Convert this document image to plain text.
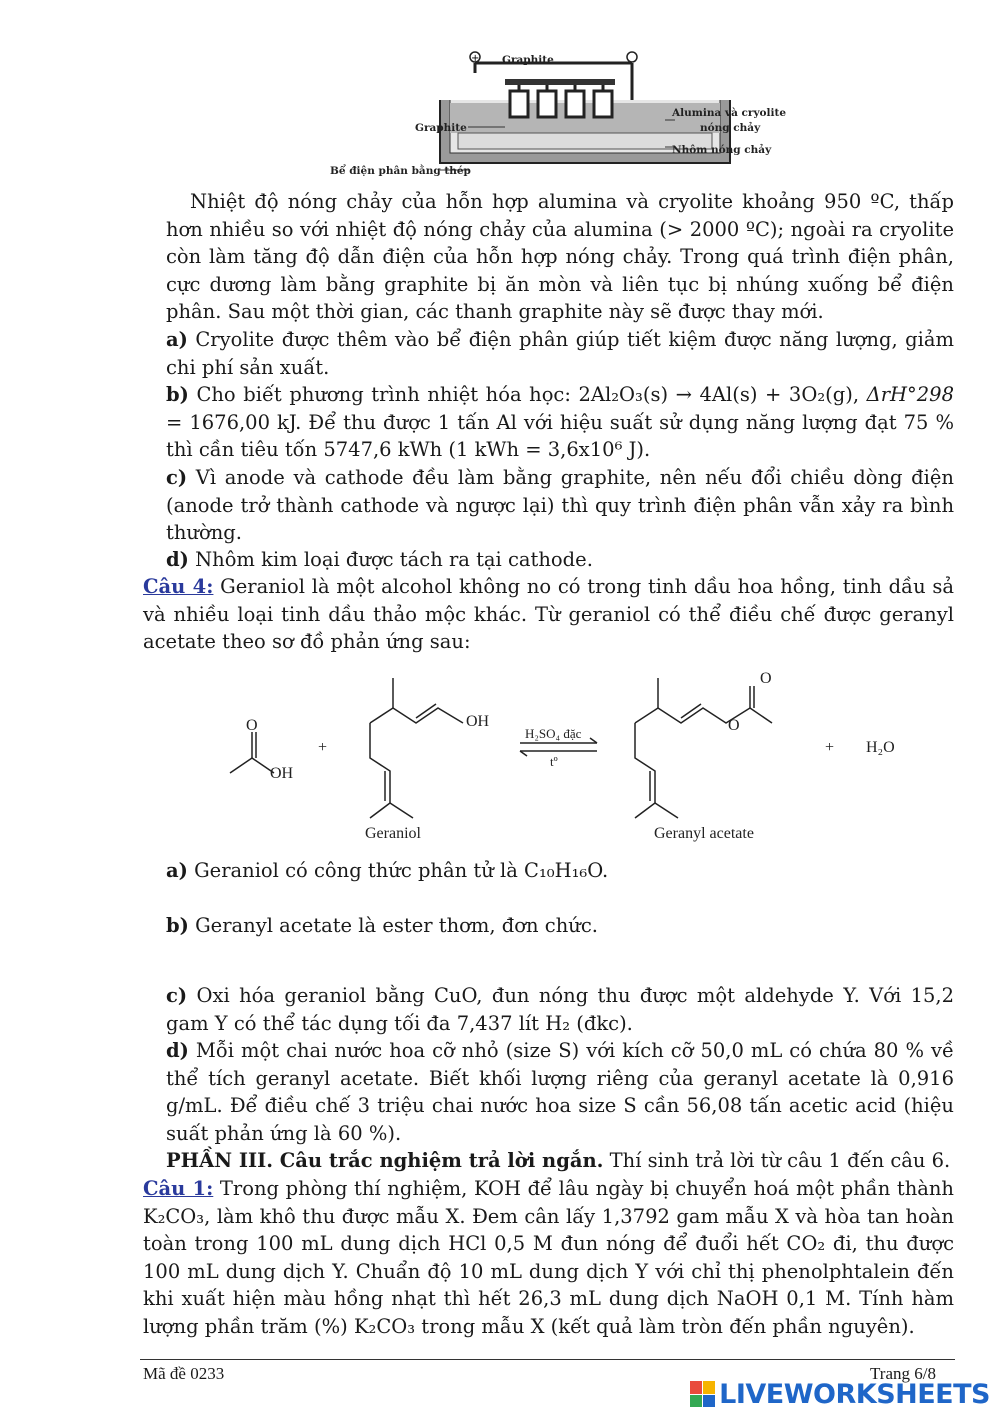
+ Graphite
Graphite
Alumina và cryolite
nóng chảy
Nhôm nóng chảy
Bể điện phân bằng thép
Nhiệt độ nóng chảy của hỗn hợp alumina và cryolite khoảng 950 ºC, thấp hơn nhiều so với nhiệt độ nóng chảy của alumina (> 2000 ºC); ngoài ra cryolite còn làm tăng độ dẫn điện của hỗn hợp nóng chảy. Trong quá trình điện phân, cực dương làm bằng graphite bị ăn mòn và liên tục bị nhúng xuống bể điện phân. Sau một thời gian, các thanh graphite này sẽ được thay mới.
a) Cryolite được thêm vào bể điện phân giúp tiết kiệm được năng lượng, giảm chi phí sản xuất.
b) Cho biết phương trình nhiệt hóa học: 2Al₂O₃(s) → 4Al(s) + 3O₂(g), ΔrH°298 = 1676,00 kJ. Để thu được 1 tấn Al với hiệu suất sử dụng năng lượng đạt 75 % thì cần tiêu tốn 5747,6 kWh (1 kWh = 3,6x10⁶ J).
c) Vì anode và cathode đều làm bằng graphite, nên nếu đổi chiều dòng điện (anode trở thành cathode và ngược lại) thì quy trình điện phân vẫn xảy ra bình thường.
d) Nhôm kim loại được tách ra tại cathode.
Câu 4: Geraniol là một alcohol không no có trong tinh dầu hoa hồng, tinh dầu sả và nhiều loại tinh dầu thảo mộc khác. Từ geraniol có thể điều chế được geranyl acetate theo sơ đồ phản ứng sau:
O
OH
+
OH
H₂SO₄ đặc
tº
O
O
+ H₂O
Geraniol	Geranyl acetate
a) Geraniol có công thức phân tử là C₁₀H₁₆O.
b) Geranyl acetate là ester thơm, đơn chức.
c) Oxi hóa geraniol bằng CuO, đun nóng thu được một aldehyde Y. Với 15,2 gam Y có thể tác dụng tối đa 7,437 lít H₂ (đkc).
d) Mỗi một chai nước hoa cỡ nhỏ (size S) với kích cỡ 50,0 mL có chứa 80 % về thể tích geranyl acetate. Biết khối lượng riêng của geranyl acetate là 0,916 g/mL. Để điều chế 3 triệu chai nước hoa size S cần 56,08 tấn acetic acid (hiệu suất phản ứng là 60 %).
PHẦN III. Câu trắc nghiệm trả lời ngắn. Thí sinh trả lời từ câu 1 đến câu 6.
Câu 1: Trong phòng thí nghiệm, KOH để lâu ngày bị chuyển hoá một phần thành K₂CO₃, làm khô thu được mẫu X. Đem cân lấy 1,3792 gam mẫu X và hòa tan hoàn toàn trong 100 mL dung dịch HCl 0,5 M đun nóng để đuổi hết CO₂ đi, thu được 100 mL dung dịch Y. Chuẩn độ 10 mL dung dịch Y với chỉ thị phenolphtalein đến khi xuất hiện màu hồng nhạt thì hết 26,3 mL dung dịch NaOH 0,1 M. Tính hàm lượng phần trăm (%) K₂CO₃ trong mẫu X (kết quả làm tròn đến phần nguyên).
Mã đề 0233	Trang 6/8
LIVEWORKSHEETS
